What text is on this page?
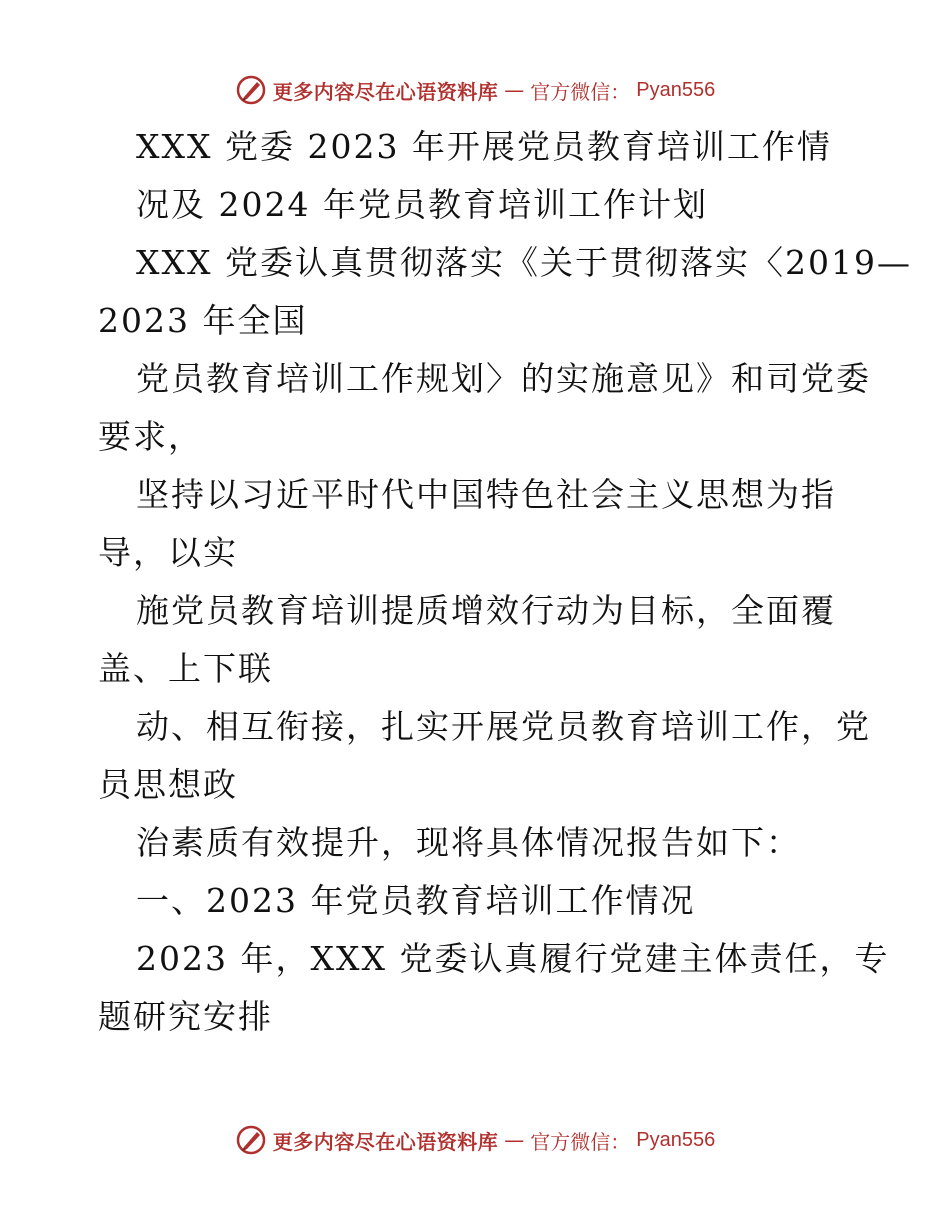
更多内容尽在心语资料库 — 官方微信： Pyan556
XXX 党委 2023 年开展党员教育培训工作情
况及 2024 年党员教育培训工作计划
XXX 党委认真贯彻落实《关于贯彻落实〈2019—
2023 年全国
党员教育培训工作规划〉的实施意见》和司党委
要求，
坚持以习近平时代中国特色社会主义思想为指
导，以实
施党员教育培训提质增效行动为目标，全面覆
盖、上下联
动、相互衔接，扎实开展党员教育培训工作，党
员思想政
治素质有效提升，现将具体情况报告如下：
一、2023 年党员教育培训工作情况
2023 年，XXX 党委认真履行党建主体责任，专
题研究安排
更多内容尽在心语资料库 — 官方微信： Pyan556
